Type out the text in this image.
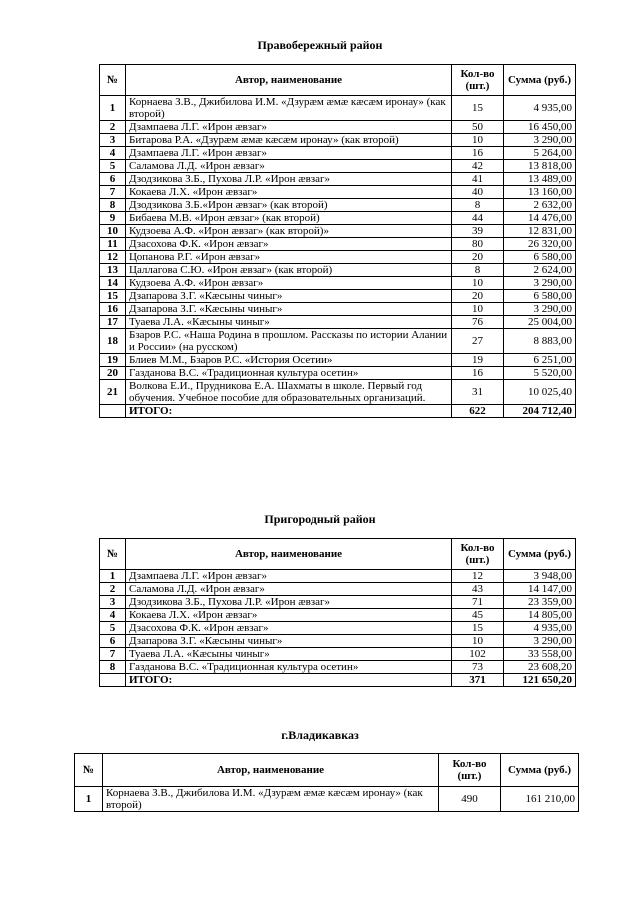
Правобережный район
№	Автор, наименование	Кол-во (шт.)	Сумма (руб.)
1	Корнаева З.В., Джибилова И.М. «Дзурæм æмæ кæсæм иронау» (как второй)	15	4 935,00
2	Дзампаева Л.Г. «Ирон æвзаг»	50	16 450,00
3	Битарова Р.А. «Дзурæм æмæ кæсæм иронау» (как второй)	10	3 290,00
4	Дзампаева Л.Г. «Ирон æвзаг»	16	5 264,00
5	Саламова Л.Д. «Ирон æвзаг»	42	13 818,00
6	Дзодзикова З.Б., Пухова Л.Р. «Ирон æвзаг»	41	13 489,00
7	Кокаева Л.Х. «Ирон æвзаг»	40	13 160,00
8	Дзодзикова З.Б.«Ирон æвзаг» (как второй)	8	2 632,00
9	Бибаева М.В. «Ирон æвзаг» (как второй)	44	14 476,00
10	Кудзоева А.Ф. «Ирон æвзаг» (как второй)»	39	12 831,00
11	Дзасохова Ф.К. «Ирон æвзаг»	80	26 320,00
12	Цопанова Р.Г. «Ирон æвзаг»	20	6 580,00
13	Цаллагова С.Ю. «Ирон æвзаг» (как второй)	8	2 624,00
14	Кудзоева А.Ф. «Ирон æвзаг»	10	3 290,00
15	Дзапарова З.Г. «Кæсыны чиныг»	20	6 580,00
16	Дзапарова З.Г. «Кæсыны чиныг»	10	3 290,00
17	Туаева Л.А. «Кæсыны чиныг»	76	25 004,00
18	Бзаров Р.С. «Наша Родина в прошлом. Рассказы по истории Алании и России» (на русском)	27	8 883,00
19	Блиев М.М., Бзаров Р.С. «История Осетии»	19	6 251,00
20	Газданова В.С. «Традиционная культура осетин»	16	5 520,00
21	Волкова Е.И., Прудникова Е.А. Шахматы в школе. Первый год обучения. Учебное пособие для образовательных организаций.	31	10 025,40
	ИТОГО:	622	204 712,40
Пригородный район
№	Автор, наименование	Кол-во (шт.)	Сумма (руб.)
1	Дзампаева Л.Г. «Ирон æвзаг»	12	3 948,00
2	Саламова Л.Д. «Ирон æвзаг»	43	14 147,00
3	Дзодзикова З.Б., Пухова Л.Р. «Ирон æвзаг»	71	23 359,00
4	Кокаева Л.Х. «Ирон æвзаг»	45	14 805,00
5	Дзасохова Ф.К. «Ирон æвзаг»	15	4 935,00
6	Дзапарова З.Г. «Кæсыны чиныг»	10	3 290,00
7	Туаева Л.А. «Кæсыны чиныг»	102	33 558,00
8	Газданова В.С. «Традиционная культура осетин»	73	23 608,20
	ИТОГО:	371	121 650,20
г.Владикавказ
№	Автор, наименование	Кол-во (шт.)	Сумма (руб.)
1	Корнаева З.В., Джибилова И.М. «Дзурæм æмæ кæсæм иронау» (как второй)	490	161 210,00
